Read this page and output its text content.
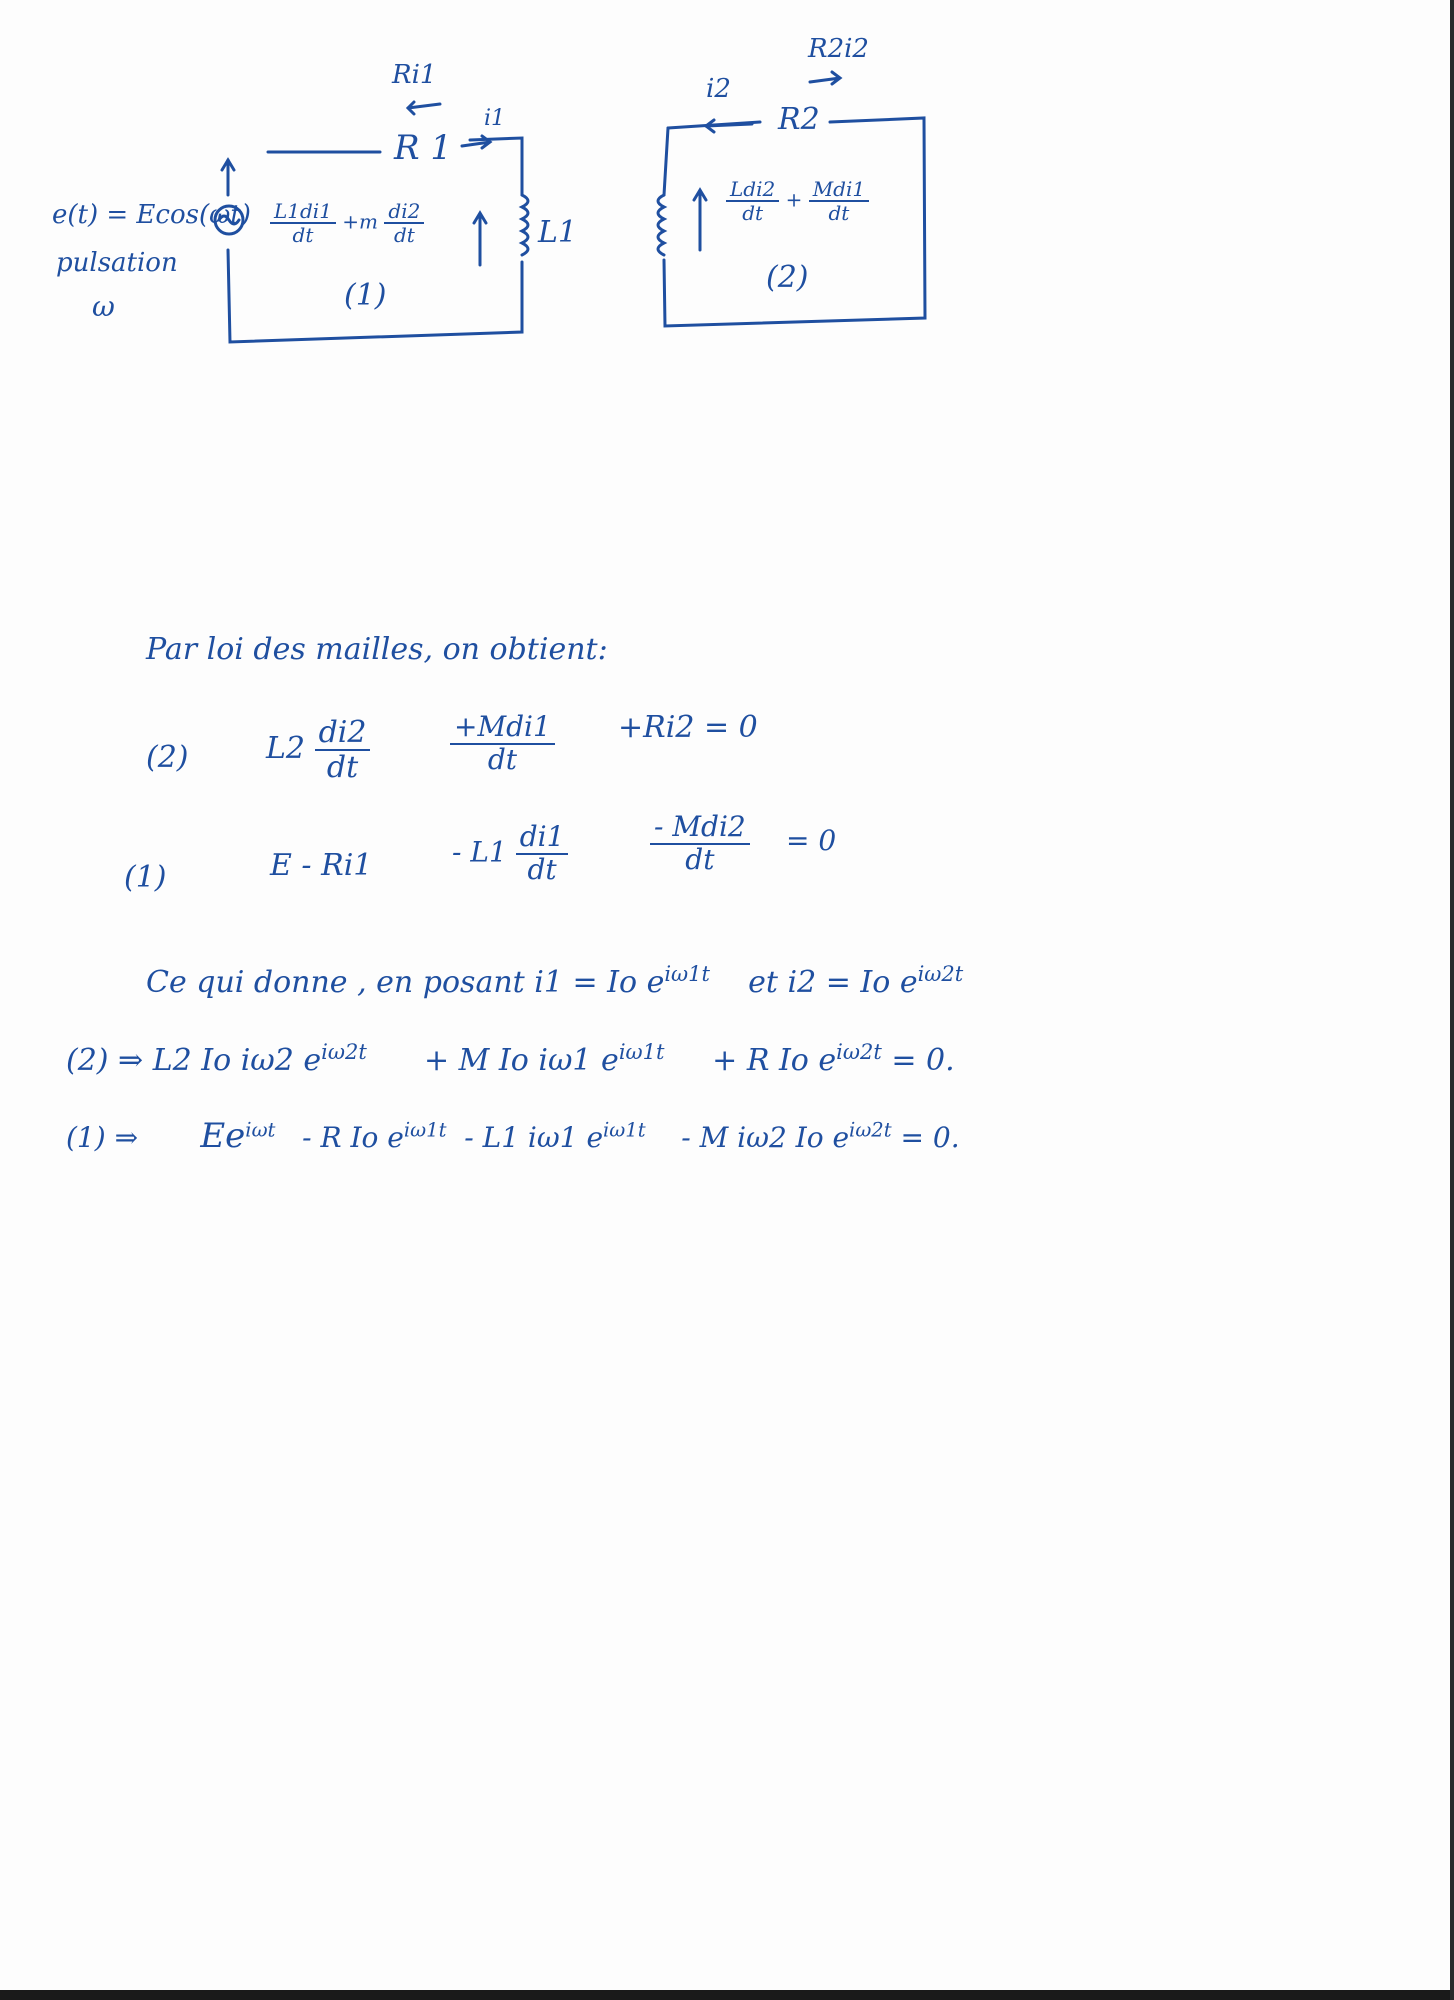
Ri1
R 1
i1
e(t) = Ecos(ωt)
pulsation
ω
$\frac{L1di1}{dt} +m \frac{di2}{dt}$	L1
(1)
R2i2
R2
i2
$\frac{\text{Ldi2}}{dt} + \frac{\text{Mdi1}}{dt}$
(2)
Par loi des mailles, on obtient:
(2)	$L2 \frac{di2}{dt}$	$\frac{\text{+Mdi1}}{dt} +Ri2 = 0$
(1)	E - Ri1	- $L1 \frac{di1}{dt}$	$\frac{\text{- Mdi2}}{dt} = 0$
Ce qui donne , en posant i1 = Io $e^{i\omega 1t}$ et i2 = Io $e^{i\omega 2t}$
(2) ⇒ L2 Io iω2 $e^{i\omega 2t} + M$ Io iω1 $e^{i\omega 1t} + R$ Io $e^{i\omega 2t} = 0$.
(1) ⇒ $Ee^{i\omega t}$ - R Io $e^{i\omega 1t} - L1$ iω1 $e^{i\omega 1t}$ - M iω2 Io $e^{i\omega 2t} = 0$.
